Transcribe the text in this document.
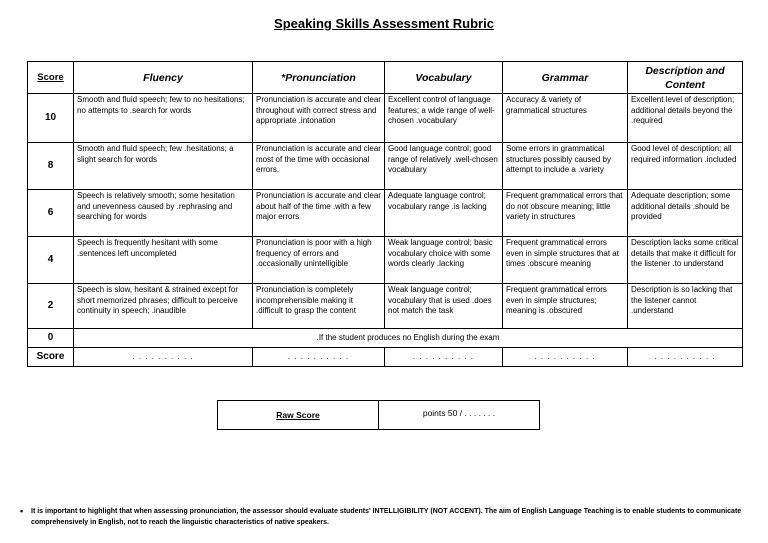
Speaking Skills Assessment Rubric
Score	Fluency	*Pronunciation	Vocabulary	Grammar	Description and Content
10	Smooth and fluid speech; few to no hesitations; no attempts to .search for words	Pronunciation is accurate and clear throughout with correct stress and appropriate .intonation	Excellent control of language features; a wide range of well-chosen .vocabulary	Accuracy & variety of grammatical structures	Excellent level of description; additional details beyond the .required
8	Smooth and fluid speech; few .hesitations; a slight search for words	Pronunciation is accurate and clear most of the time with occasional errors.	Good language control; good range of relatively .well-chosen vocabulary	Some errors in grammatical structures possibly caused by attempt to include a .variety	Good level of description; all required information .included
6	Speech is relatively smooth; some hesitation and unevenness caused by .rephrasing and searching for words	Pronunciation is accurate and clear about half of the time .with a few major errors	Adequate language control; vocabulary range .is lacking	Frequent grammatical errors that do not obscure meaning; little variety in structures	Adequate description; some additional details .should be provided
4	Speech is frequently hesitant with some .sentences left uncompleted	Pronunciation is poor with a high frequency of errors and .occasionally unintelligible	Weak language control; basic vocabulary choice with some words clearly .lacking	Frequent grammatical errors even in simple structures that at times .obscure meaning	Description lacks some critical details that make it difficult for the listener .to understand
2	Speech is slow, hesitant & strained except for short memorized phrases; difficult to perceive continuity in speech; .inaudible	Pronunciation is completely incomprehensible making it .difficult to grasp the content	Weak language control; vocabulary that is used .does not match the task	Frequent grammatical errors even in simple structures; meaning is .obscured	Description is so lacking that the listener cannot .understand
0	.If the student produces no English during the exam				
Score	. . . . . . . . . .	. . . . . . . . . .	. . . . . . . . . .	. . . . . . . . . .	. . . . . . . . . .
Raw Score	points 50 / . . . . . . .
•	It is important to highlight that when assessing pronunciation, the assessor should evaluate students' INTELLIGIBILITY (NOT ACCENT). The aim of English Language Teaching is to enable students to communicate comprehensively in English, not to reach the linguistic characteristics of native speakers.
